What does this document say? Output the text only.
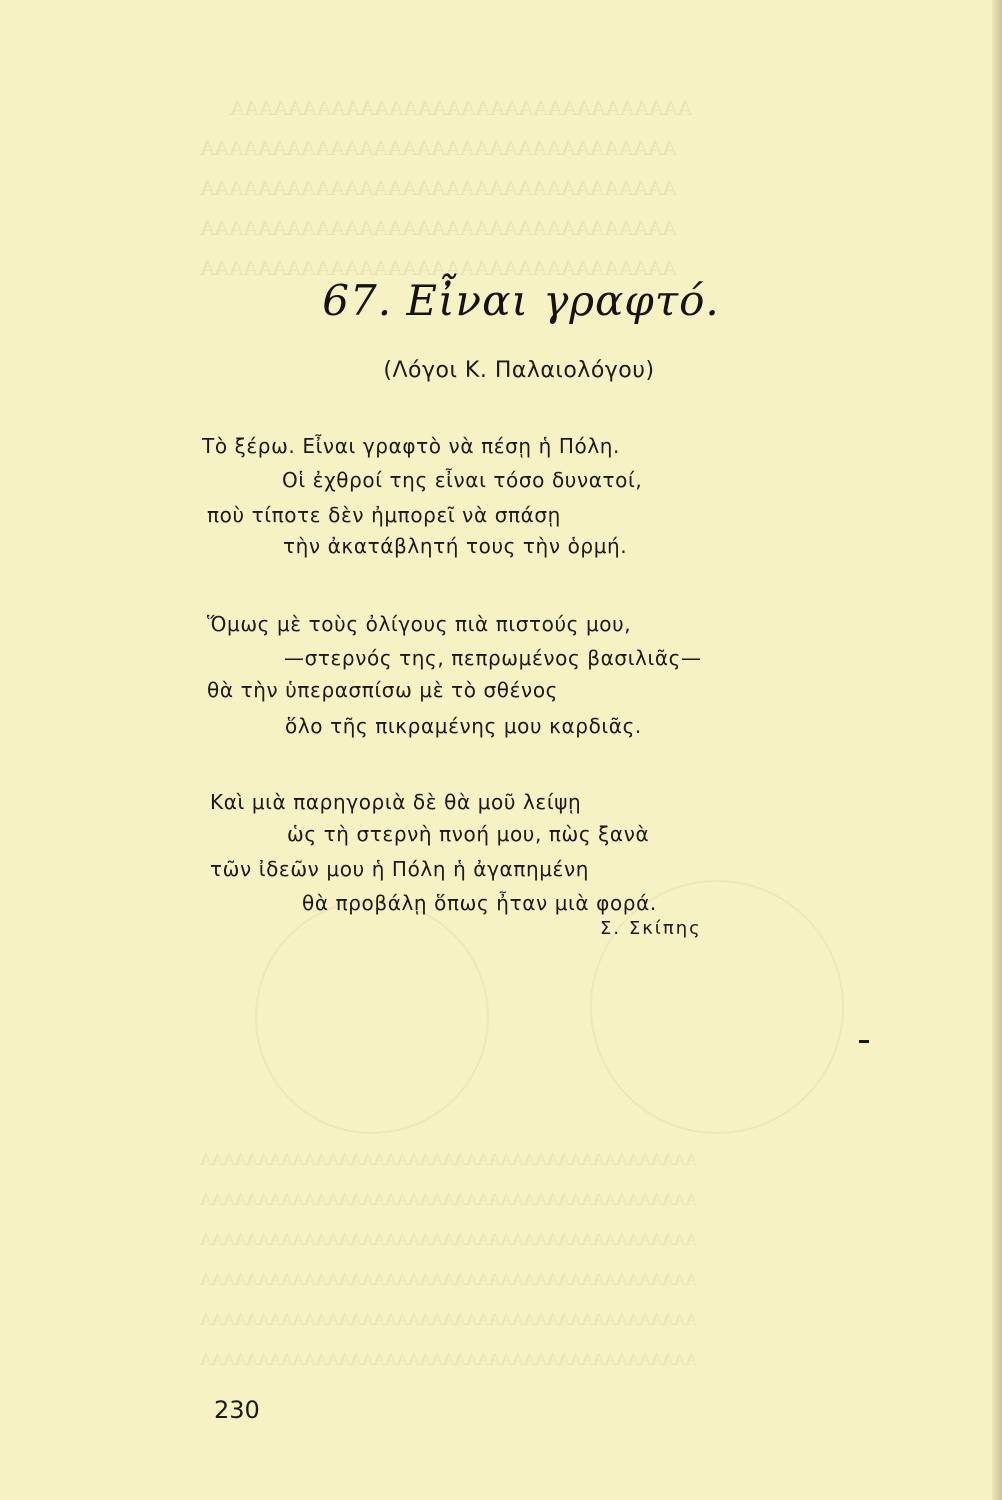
ΑΑΑΑΑΑΑΑΑΑΑΑΑΑΑΑΑΑΑΑΑΑΑΑΑΑΑΑΑΑΑΑ
ΑΑΑΑΑΑΑΑΑΑΑΑΑΑΑΑΑΑΑΑΑΑΑΑΑΑΑΑΑΑΑΑΑ
ΑΑΑΑΑΑΑΑΑΑΑΑΑΑΑΑΑΑΑΑΑΑΑΑΑΑΑΑΑΑΑΑΑ
ΑΑΑΑΑΑΑΑΑΑΑΑΑΑΑΑΑΑΑΑΑΑΑΑΑΑΑΑΑΑΑΑΑ
ΑΑΑΑΑΑΑΑΑΑΑΑΑΑΑΑΑΑΑΑΑΑΑΑΑΑΑΑΑΑΑΑΑ
ΑΑΑΑΑΑΑΑΑΑΑΑΑΑΑΑΑΑΑΑΑΑΑΑΑΑΑΑΑΑΑΑΑΑΑΑΑΑΑΑΑΑΑ
ΑΑΑΑΑΑΑΑΑΑΑΑΑΑΑΑΑΑΑΑΑΑΑΑΑΑΑΑΑΑΑΑΑΑΑΑΑΑΑΑΑΑΑ
ΑΑΑΑΑΑΑΑΑΑΑΑΑΑΑΑΑΑΑΑΑΑΑΑΑΑΑΑΑΑΑΑΑΑΑΑΑΑΑΑΑΑΑ
ΑΑΑΑΑΑΑΑΑΑΑΑΑΑΑΑΑΑΑΑΑΑΑΑΑΑΑΑΑΑΑΑΑΑΑΑΑΑΑΑΑΑΑ
ΑΑΑΑΑΑΑΑΑΑΑΑΑΑΑΑΑΑΑΑΑΑΑΑΑΑΑΑΑΑΑΑΑΑΑΑΑΑΑΑΑΑΑ
ΑΑΑΑΑΑΑΑΑΑΑΑΑΑΑΑΑΑΑΑΑΑΑΑΑΑΑΑΑΑΑΑΑΑΑΑΑΑΑΑΑΑΑ
67. Εἶναι γραφτό.
(Λόγοι Κ. Παλαιολόγου)
Τὸ ξέρω. Εἶναι γραφτὸ νὰ πέσῃ ἡ Πόλη.
Οἱ ἐχθροί της εἶναι τόσο δυνατοί,
ποὺ τίποτε δὲν ἠμπορεῖ νὰ σπάσῃ
τὴν ἀκατάβλητή τους τὴν ὁρμή.
Ὅμως μὲ τοὺς ὀλίγους πιὰ πιστούς μου,
—στερνός της, πεπρωμένος βασιλιᾶς—
θὰ τὴν ὑπερασπίσω μὲ τὸ σθένος
ὅλο τῆς πικραμένης μου καρδιᾶς.
Καὶ μιὰ παρηγοριὰ δὲ θὰ μοῦ λείψῃ
ὡς τὴ στερνὴ πνοή μου, πὼς ξανὰ
τῶν ἰδεῶν μου ἡ Πόλη ἡ ἀγαπημένη
θὰ προβάλῃ ὅπως ἦταν μιὰ φορά.
Σ. Σκίπης
230
